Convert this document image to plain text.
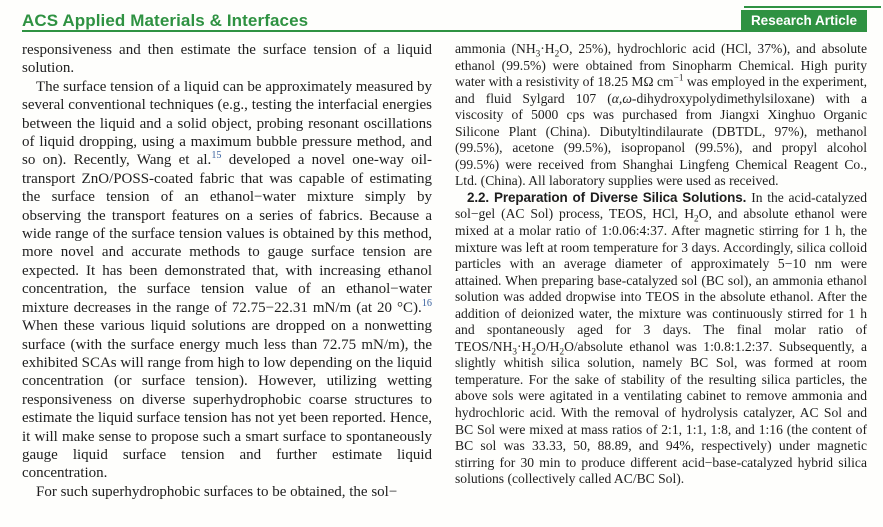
ACS Applied Materials & Interfaces	Research Article

responsiveness and then estimate the surface tension of a liquid solution.

The surface tension of a liquid can be approximately measured by several conventional techniques (e.g., testing the interfacial energies between the liquid and a solid object, probing resonant oscillations of liquid dropping, using a maximum bubble pressure method, and so on). Recently, Wang et al.$^{15}$ developed a novel one-way oil-transport ZnO/POSS-coated fabric that was capable of estimating the surface tension of an ethanol−water mixture simply by observing the transport features on a series of fabrics. Because a wide range of the surface tension values is obtained by this method, more novel and accurate methods to gauge surface tension are expected. It has been demonstrated that, with increasing ethanol concentration, the surface tension value of an ethanol−water mixture decreases in the range of 72.75−22.31 mN/m (at 20 °C).$^{16}$ When these various liquid solutions are dropped on a nonwetting surface (with the surface energy much less than 72.75 mN/m), the exhibited SCAs will range from high to low depending on the liquid concentration (or surface tension). However, utilizing wetting responsiveness on diverse superhydrophobic coarse structures to estimate the liquid surface tension has not yet been reported. Hence, it will make sense to propose such a smart surface to spontaneously gauge liquid surface tension and further estimate liquid concentration.

For such superhydrophobic surfaces to be obtained, the sol−

ammonia ($NH_3\cdot H_2O$, 25%), hydrochloric acid (HCl, 37%), and absolute ethanol (99.5%) were obtained from Sinopharm Chemical. High purity water with a resistivity of 18.25 MΩ $cm^{-1}$ was employed in the experiment, and fluid Sylgard 107 (α,ω-dihydroxypolydimethylsiloxane) with a viscosity of 5000 cps was purchased from Jiangxi Xinghuo Organic Silicone Plant (China). Dibutyltindilaurate (DBTDL, 97%), methanol (99.5%), acetone (99.5%), isopropanol (99.5%), and propyl alcohol (99.5%) were received from Shanghai Lingfeng Chemical Reagent Co., Ltd. (China). All laboratory supplies were used as received.

2.2. Preparation of Diverse Silica Solutions. In the acid-catalyzed sol−gel (AC Sol) process, TEOS, HCl, $H_2O$, and absolute ethanol were mixed at a molar ratio of 1:0.06:4:37. After magnetic stirring for 1 h, the mixture was left at room temperature for 3 days. Accordingly, silica colloid particles with an average diameter of approximately 5−10 nm were attained. When preparing base-catalyzed sol (BC sol), an ammonia ethanol solution was added dropwise into TEOS in the absolute ethanol. After the addition of deionized water, the mixture was continuously stirred for 1 h and spontaneously aged for 3 days. The final molar ratio of TEOS/$NH_3\cdot H_2O/H_2O$/absolute ethanol was 1:0.8:1.2:37. Subsequently, a slightly whitish silica solution, namely BC Sol, was formed at room temperature. For the sake of stability of the resulting silica particles, the above sols were agitated in a ventilating cabinet to remove ammonia and hydrochloric acid. With the removal of hydrolysis catalyzer, AC Sol and BC Sol were mixed at mass ratios of 2:1, 1:1, 1:8, and 1:16 (the content of BC sol was 33.33, 50, 88.89, and 94%, respectively) under magnetic stirring for 30 min to produce different acid−base-catalyzed hybrid silica solutions (collectively called AC/BC Sol).
